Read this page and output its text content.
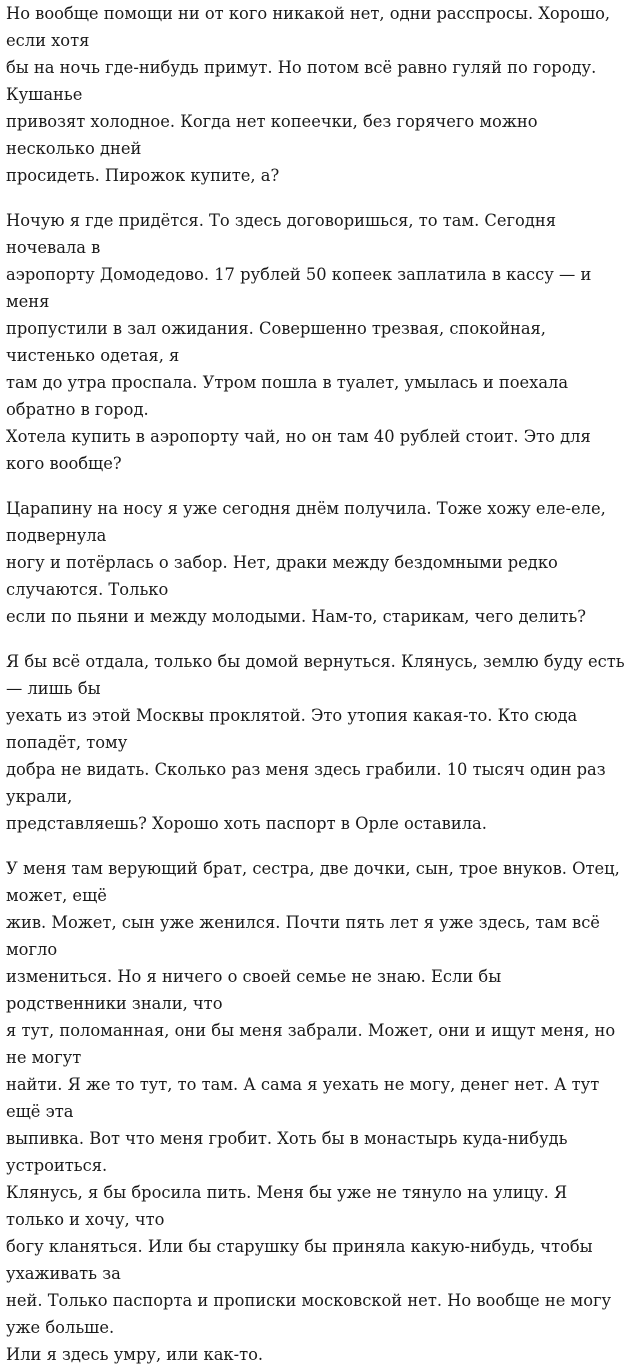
Но вообще помощи ни от кого никакой нет, одни расспросы. Хорошо, если хотя
бы на ночь где-нибудь примут. Но потом всё равно гуляй по городу. Кушанье
привозят холодное. Когда нет копеечки, без горячего можно несколько дней
просидеть. Пирожок купите, а?

Ночую я где придётся. То здесь договоришься, то там. Сегодня ночевала в
аэропорту Домодедово. 17 рублей 50 копеек заплатила в кассу — и меня
пропустили в зал ожидания. Совершенно трезвая, спокойная, чистенько одетая, я
там до утра проспала. Утром пошла в туалет, умылась и поехала обратно в город.
Хотела купить в аэропорту чай, но он там 40 рублей стоит. Это для кого вообще?

Царапину на носу я уже сегодня днём получила. Тоже хожу еле-еле, подвернула
ногу и потёрлась о забор. Нет, драки между бездомными редко случаются. Только
если по пьяни и между молодыми. Нам-то, старикам, чего делить?

Я бы всё отдала, только бы домой вернуться. Клянусь, землю буду есть — лишь бы
уехать из этой Москвы проклятой. Это утопия какая-то. Кто сюда попадёт, тому
добра не видать. Сколько раз меня здесь грабили. 10 тысяч один раз украли,
представляешь? Хорошо хоть паспорт в Орле оставила.

У меня там верующий брат, сестра, две дочки, сын, трое внуков. Отец, может, ещё
жив. Может, сын уже женился. Почти пять лет я уже здесь, там всё могло
измениться. Но я ничего о своей семье не знаю. Если бы родственники знали, что
я тут, поломанная, они бы меня забрали. Может, они и ищут меня, но не могут
найти. Я же то тут, то там. А сама я уехать не могу, денег нет. А тут ещё эта
выпивка. Вот что меня гробит. Хоть бы в монастырь куда-нибудь устроиться.
Клянусь, я бы бросила пить. Меня бы уже не тянуло на улицу. Я только и хочу, что
богу кланяться. Или бы старушку бы приняла какую-нибудь, чтобы ухаживать за
ней. Только паспорта и прописки московской нет. Но вообще не могу уже больше.
Или я здесь умру, или как-то.
